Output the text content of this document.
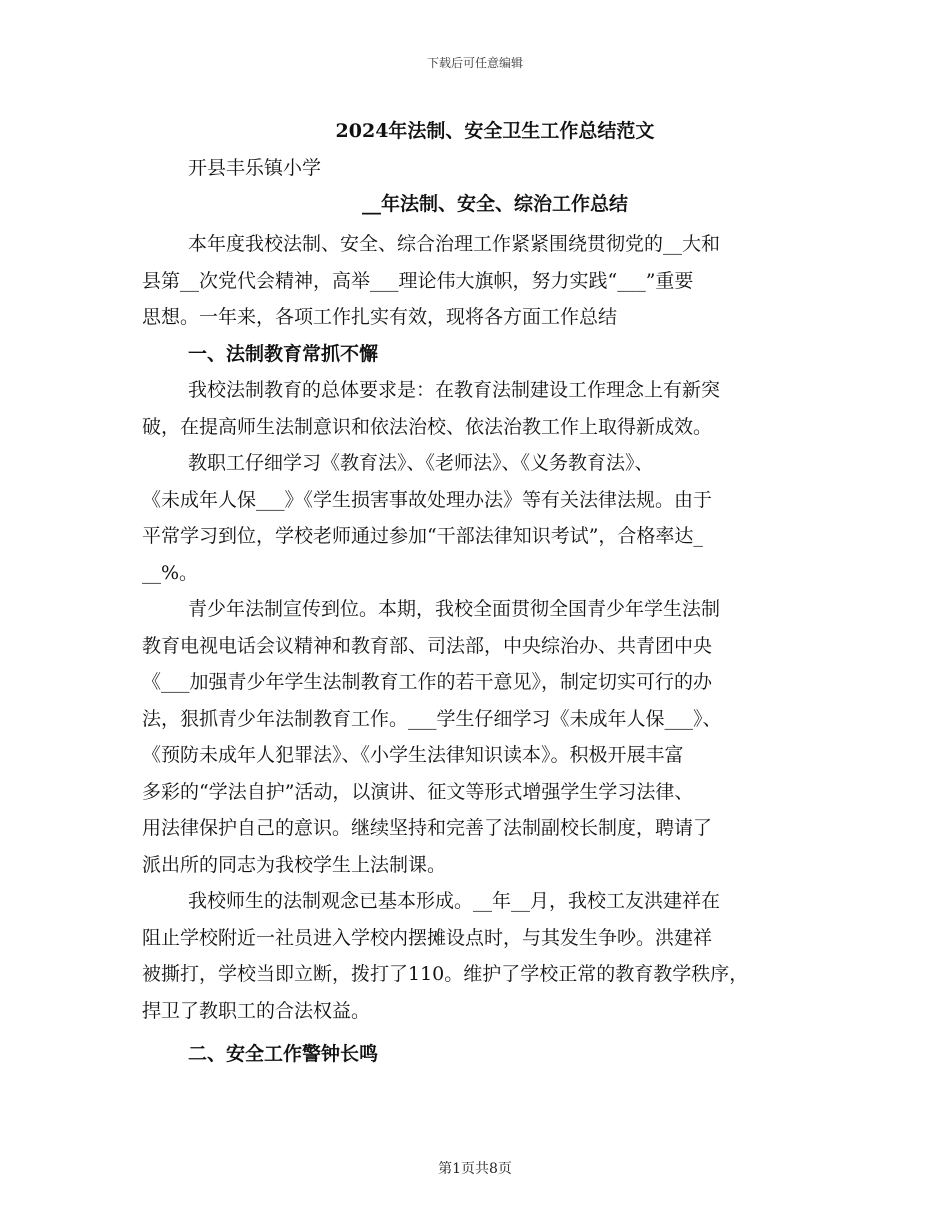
下载后可任意编辑
2024年法制、安全卫生工作总结范文
开县丰乐镇小学
__年法制、安全、综治工作总结

本年度我校法制、安全、综合治理工作紧紧围绕贯彻党的__大和
县第__次党代会精神，高举___理论伟大旗帜，努力实践“___”重要
思想。一年来，各项工作扎实有效，现将各方面工作总结

一、法制教育常抓不懈

我校法制教育的总体要求是：在教育法制建设工作理念上有新突
破，在提高师生法制意识和依法治校、依法治教工作上取得新成效。

教职工仔细学习《教育法》、《老师法》、《义务教育法》、
《未成年人保___》《学生损害事故处理办法》等有关法律法规。由于
平常学习到位，学校老师通过参加“干部法律知识考试”，合格率达_
__%。

青少年法制宣传到位。本期，我校全面贯彻全国青少年学生法制
教育电视电话会议精神和教育部、司法部，中央综治办、共青团中央
《___加强青少年学生法制教育工作的若干意见》，制定切实可行的办
法，狠抓青少年法制教育工作。___学生仔细学习《未成年人保___》、
《预防未成年人犯罪法》、《小学生法律知识读本》。积极开展丰富
多彩的“学法自护”活动，以演讲、征文等形式增强学生学习法律、
用法律保护自己的意识。继续坚持和完善了法制副校长制度，聘请了
派出所的同志为我校学生上法制课。

我校师生的法制观念已基本形成。__年__月，我校工友洪建祥在
阻止学校附近一社员进入学校内摆摊设点时，与其发生争吵。洪建祥
被撕打，学校当即立断，拨打了110。维护了学校正常的教育教学秩序，
捍卫了教职工的合法权益。

二、安全工作警钟长鸣

第1页共8页
